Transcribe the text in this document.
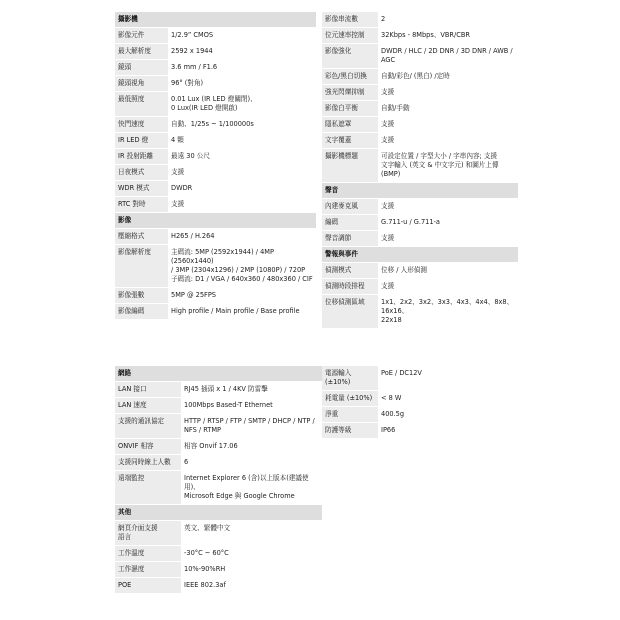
攝影機	
影像元件	1/2.9” CMOS
最大解析度	2592 x 1944
鏡頭	3.6 mm / F1.6
鏡頭視角	96° (對角)
最低照度	0.01 Lux (IR LED 燈關閉)、
0 Lux(IR LED 燈開啟)
快門速度	自動、1/25s ~ 1/100000s
IR LED 燈	4 顆
IR 投射距離	最遠 30 公尺
日夜模式	支援
WDR 模式	DWDR
RTC 對時	支援
影像	
壓縮格式	H265 / H.264
影像解析度	主碼流: 5MP (2592x1944) / 4MP (2560x1440)
/ 3MP (2304x1296) / 2MP (1080P) / 720P
子碼流: D1 / VGA / 640x360 / 480x360 / CIF
影像張數	5MP @ 25FPS
影像編碼	High profile / Main profile / Base profile
影像串流數	2
位元速率控制	32Kbps - 8Mbps、VBR/CBR
影像強化	DWDR / HLC / 2D DNR / 3D DNR / AWB /
AGC
彩色/黑白切換	自動/彩色/ (黑白) /定時
強光閃爍抑制	支援
影像白平衡	自動/手動
隱私遮罩	支援
文字覆蓋	支援
攝影機標題	可設定位置 / 字型大小 / 字串內容; 支援
文字輸入 (英文 & 中文字元) 和圖片上傳
(BMP)
聲音	
內建麥克風	支援
編碼	G.711-u / G.711-a
聲音調節	支援
警報與事件	
偵測模式	位移 / 人形偵測
偵測時段排程	支援
位移偵測區域	1x1、2x2、3x2、3x3、4x3、4x4、8x8、16x16、
22x18
網路	
LAN 接口	RJ45 插頭 x 1 / 4KV 防雷擊
LAN 速度	100Mbps Based-T Ethernet
支援的通訊協定	HTTP / RTSP / FTP / SMTP / DHCP / NTP /
NFS / RTMP
ONVIF 相容	相容 Onvif 17.06
支援同時線上人數	6
遠端監控	Internet Explorer 6 (含)以上版本(建議使用)、
Microsoft Edge 與 Google Chrome
其他	
網頁介面支援
語言	英文、繁體中文
工作溫度	-30°C ~ 60°C
工作濕度	10%-90%RH
POE	IEEE 802.3af
電源輸入
(±10%)	PoE / DC12V
耗電量 (±10%)	< 8 W
淨重	400.5g
防護等級	IP66
